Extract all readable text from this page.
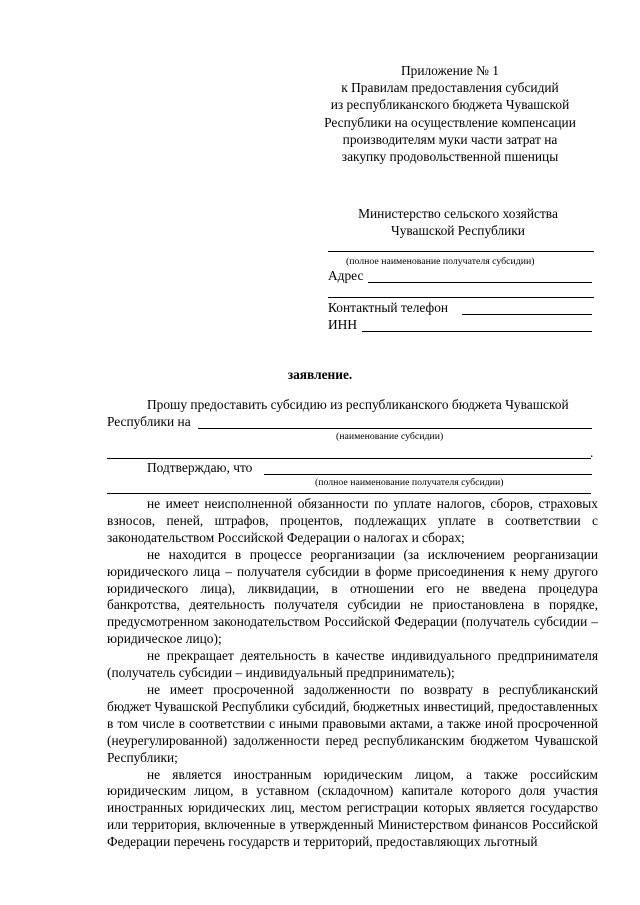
Приложение № 1
к Правилам предоставления субсидий
из республиканского бюджета Чувашской
Республики на осуществление компенсации
производителям муки части затрат на
закупку продовольственной пшеницы
Министерство сельского хозяйства
Чувашской Республики
(полное наименование получателя субсидии)
Адрес
Контактный телефон
ИНН
заявление.
Прошу предоставить субсидию из республиканского бюджета Чувашской
Республики на
(наименование субсидии)
.
Подтверждаю, что
(полное наименование получателя субсидии)

не имеет неисполненной обязанности по уплате налогов, сборов, страховых взносов, пеней, штрафов, процентов, подлежащих уплате в соответствии с законодательством Российской Федерации о налогах и сборах;

не находится в процессе реорганизации (за исключением реорганизации юридического лица – получателя субсидии в форме присоединения к нему другого юридического лица), ликвидации, в отношении его не введена процедура банкротства, деятельность получателя субсидии не приостановлена в порядке, предусмотренном законодательством Российской Федерации (получатель субсидии – юридическое лицо);

не прекращает деятельность в качестве индивидуального предпринимателя (получатель субсидии – индивидуальный предприниматель);

не имеет просроченной задолженности по возврату в республиканский бюджет Чувашской Республики субсидий, бюджетных инвестиций, предоставленных в том числе в соответствии с иными правовыми актами, а также иной просроченной (неурегулированной) задолженности перед республиканским бюджетом Чувашской Республики;

не является иностранным юридическим лицом, а также российским юридическим лицом, в уставном (складочном) капитале которого доля участия иностранных юридических лиц, местом регистрации которых является государство или территория, включенные в утвержденный Министерством финансов Российской Федерации перечень государств и территорий, предоставляющих льготный
